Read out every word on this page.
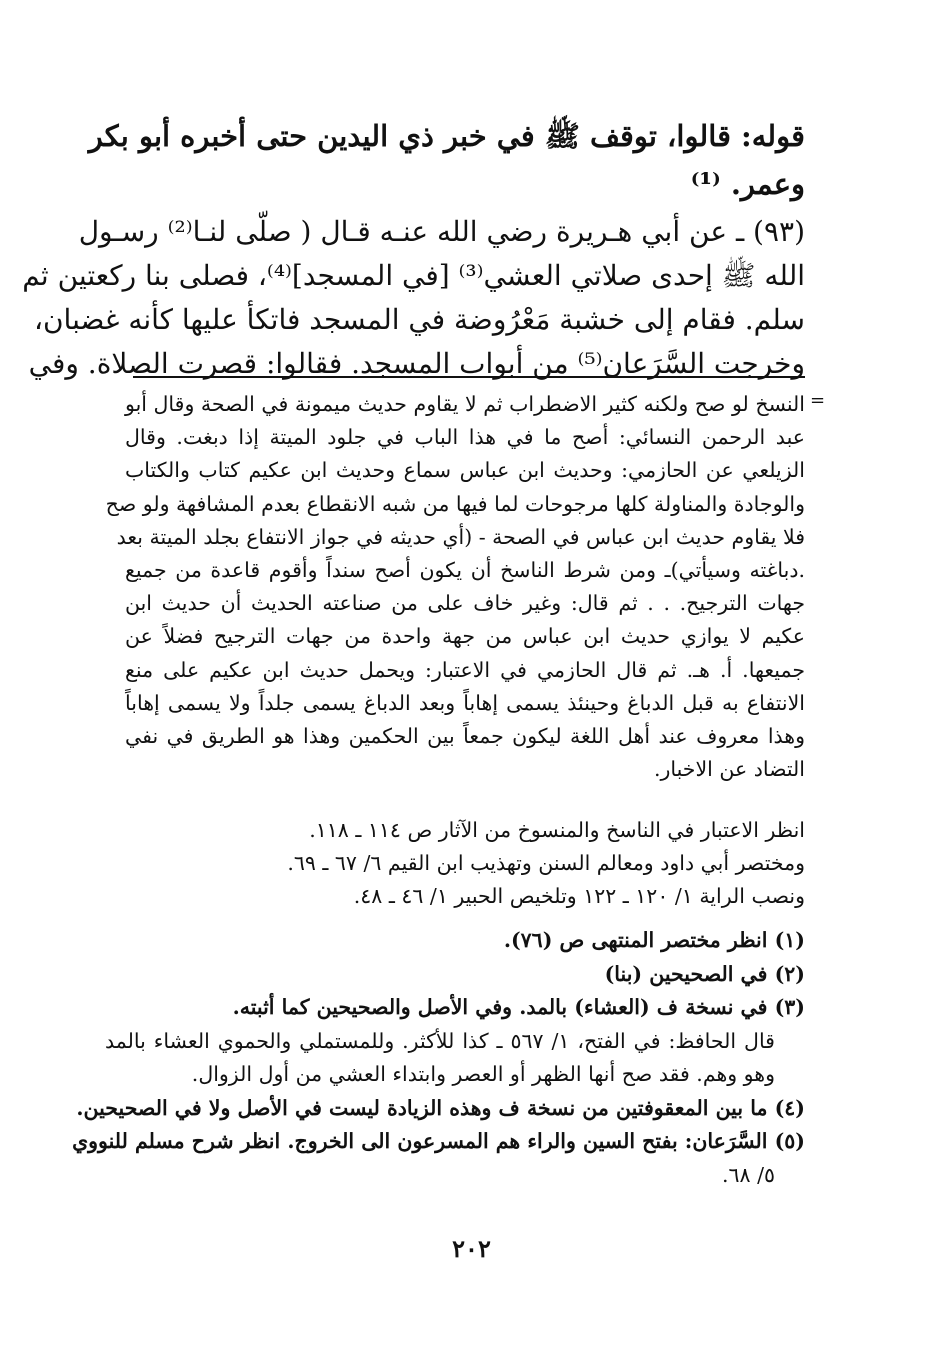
قوله: قالوا، توقف ﷺ في خبر ذي اليدين حتى أخبره أبو بكر
وعمر. ⁽¹⁾
(٩٣) ـ عن أبي هـريرة رضي الله عنـه قـال ( صلّى لنـا⁽²⁾ رسـول
الله ﷺ إحدى صلاتي العشي⁽³⁾ [في المسجد]⁽⁴⁾، فصلى بنا ركعتين ثم
سلم. فقام إلى خشبة مَعْرُوضة في المسجد فاتكأ عليها كأنه غضبان،
وخرجت السَّرَعان⁽⁵⁾ من أبواب المسجد. فقالوا: قصرت الصلاة. وفي
=
النسخ لو صح ولكنه كثير الاضطراب ثم لا يقاوم حديث ميمونة في الصحة وقال أبو
عبد الرحمن النسائي: أصح ما في هذا الباب في جلود الميتة إذا دبغت. وقال
الزيلعي عن الحازمي: وحديث ابن عباس سماع وحديث ابن عكيم كتاب والكتاب
والوجادة والمناولة كلها مرجوحات لما فيها من شبه الانقطاع بعدم المشافهة ولو صح
فلا يقاوم حديث ابن عباس في الصحة - (أي حديثه في جواز الانتفاع بجلد الميتة بعد
.دباغته وسيأتي)ـ ومن شرط الناسخ أن يكون أصح سنداً وأقوم قاعدة من جميع
جهات الترجيح. . . ثم قال: وغير خاف على من صناعته الحديث أن حديث ابن
عكيم لا يوازي حديث ابن عباس من جهة واحدة من جهات الترجيح فضلاً عن
جميعها. أ. هـ. ثم قال الحازمي في الاعتبار: ويحمل حديث ابن عكيم على منع
الانتفاع به قبل الدباغ وحينئذ يسمى إهاباً وبعد الدباغ يسمى جلداً ولا يسمى إهاباً
وهذا معروف عند أهل اللغة ليكون جمعاً بين الحكمين وهذا هو الطريق في نفي
التضاد عن الاخبار.
انظر الاعتبار في الناسخ والمنسوخ من الآثار ص ١١٤ ـ ١١٨.
ومختصر أبي داود ومعالم السنن وتهذيب ابن القيم ٦/ ٦٧ ـ ٦٩.
ونصب الراية ١/ ١٢٠ ـ ١٢٢ وتلخيص الحبير ١/ ٤٦ ـ ٤٨.
(١) انظر مختصر المنتهى ص (٧٦).
(٢) في الصحيحين (بنا)
(٣) في نسخة ف (العشاء) بالمد. وفي الأصل والصحيحين كما أثبته.
قال الحافظ: في الفتح، ١/ ٥٦٧ ـ كذا للأكثر. وللمستملي والحموي العشاء بالمد
وهو وهم. فقد صح أنها الظهر أو العصر وابتداء العشي من أول الزوال.
(٤) ما بين المعقوفتين من نسخة ف وهذه الزيادة ليست في الأصل ولا في الصحيحين.
(٥) السَّرَعان: بفتح السين والراء هم المسرعون الى الخروج. انظر شرح مسلم للنووي
٥/ ٦٨.
٢٠٢
